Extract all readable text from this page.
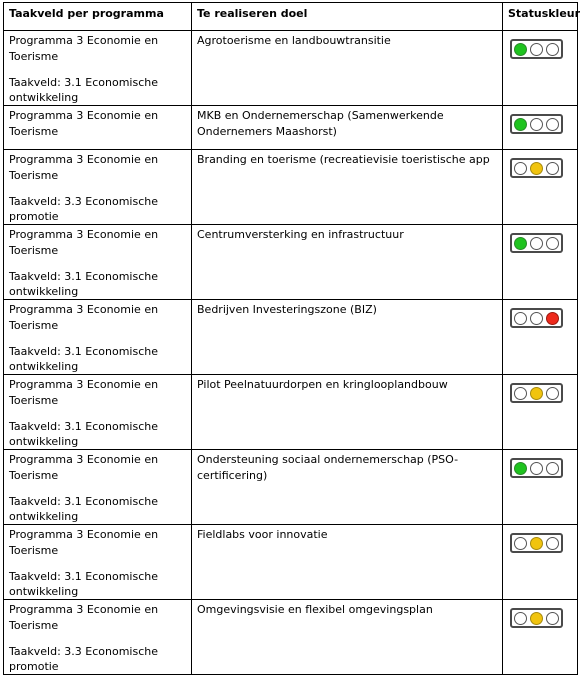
Taakveld per programma	Te realiseren doel	Statuskleur

Programma 3 Economie en Toerisme
Taakveld: 3.1 Economische ontwikkeling	Agrotoerisme en landbouwtransitie	

Programma 3 Economie en Toerisme	MKB en Ondernemerschap (Samenwerkende Ondernemers Maashorst)	

Programma 3 Economie en Toerisme
Taakveld: 3.3 Economische promotie	Branding en toerisme (recreatievisie toeristische app	

Programma 3 Economie en Toerisme
Taakveld: 3.1 Economische ontwikkeling	Centrumversterking en infrastructuur	

Programma 3 Economie en Toerisme
Taakveld: 3.1 Economische ontwikkeling	Bedrijven Investeringszone (BIZ)	

Programma 3 Economie en Toerisme
Taakveld: 3.1 Economische ontwikkeling	Pilot Peelnatuurdorpen en kringlooplandbouw	

Programma 3 Economie en Toerisme
Taakveld: 3.1 Economische ontwikkeling	Ondersteuning sociaal ondernemerschap (PSO-certificering)	

Programma 3 Economie en Toerisme
Taakveld: 3.1 Economische ontwikkeling	Fieldlabs voor innovatie	

Programma 3 Economie en Toerisme
Taakveld: 3.3 Economische promotie	Omgevingsvisie en flexibel omgevingsplan	
